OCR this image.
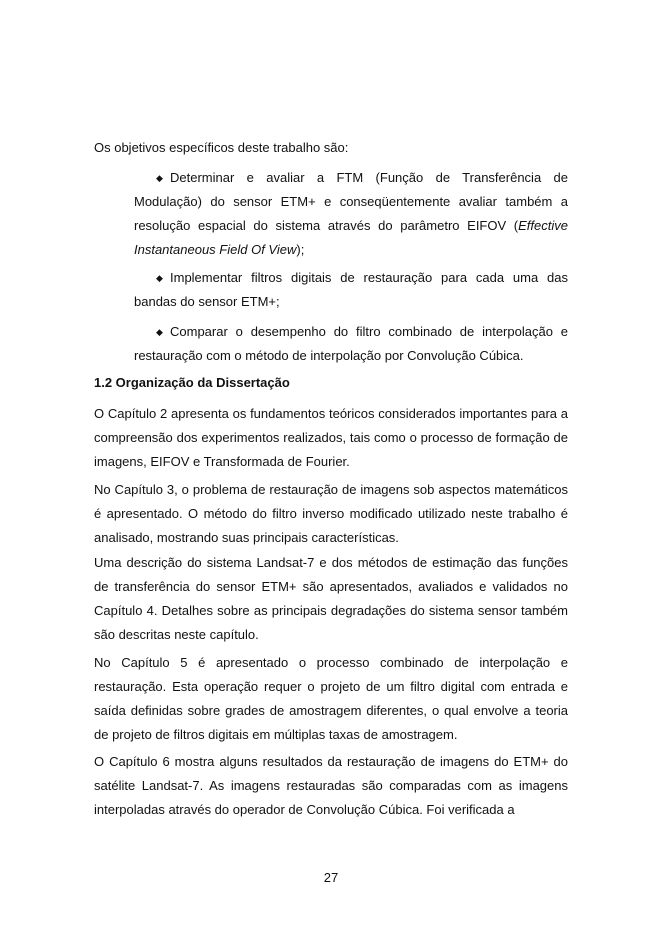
Os objetivos específicos deste trabalho são:
◆ Determinar e avaliar a FTM (Função de Transferência de Modulação) do sensor ETM+ e conseqüentemente avaliar também a resolução espacial do sistema através do parâmetro EIFOV (Effective Instantaneous Field Of View);
◆ Implementar filtros digitais de restauração para cada uma das bandas do sensor ETM+;
◆ Comparar o desempenho do filtro combinado de interpolação e restauração com o método de interpolação por Convolução Cúbica.
1.2 Organização da Dissertação
O Capítulo 2 apresenta os fundamentos teóricos considerados importantes para a compreensão dos experimentos realizados, tais como o processo de formação de imagens, EIFOV e Transformada de Fourier.
No Capítulo 3, o problema de restauração de imagens sob aspectos matemáticos é apresentado. O método do filtro inverso modificado utilizado neste trabalho é analisado, mostrando suas principais características.
Uma descrição do sistema Landsat-7 e dos métodos de estimação das funções de transferência do sensor ETM+ são apresentados, avaliados e validados no Capítulo 4. Detalhes sobre as principais degradações do sistema sensor também são descritas neste capítulo.
No Capítulo 5 é apresentado o processo combinado de interpolação e restauração. Esta operação requer o projeto de um filtro digital com entrada e saída definidas sobre grades de amostragem diferentes, o qual envolve a teoria de projeto de filtros digitais em múltiplas taxas de amostragem.
O Capítulo 6 mostra alguns resultados da restauração de imagens do ETM+ do satélite Landsat-7. As imagens restauradas são comparadas com as imagens interpoladas através do operador de Convolução Cúbica. Foi verificada a
27
